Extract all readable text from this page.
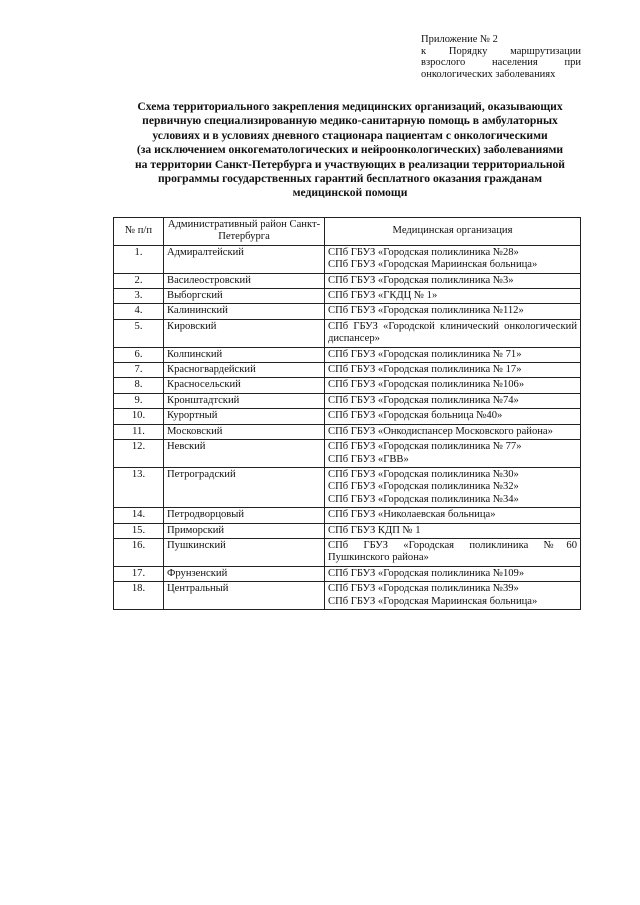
Приложение № 2
к Порядку маршрутизации
взрослого	населения	при
онкологических заболеваниях
Схема территориального закрепления медицинских организаций, оказывающих
первичную специализированную медико-санитарную помощь в амбулаторных
условиях и в условиях дневного стационара пациентам с онкологическими
(за исключением онкогематологических и нейроонкологических) заболеваниями
на территории Санкт-Петербурга и участвующих в реализации территориальной
программы государственных гарантий бесплатного оказания гражданам
медицинской помощи
№ п/п	Административный район Санкт-Петербурга	Медицинская организация
1.	Адмиралтейский	СПб ГБУЗ «Городская поликлиника №28»
СПб ГБУЗ «Городская Мариинская больница»

2.	Василеостровский	СПб ГБУЗ «Городская поликлиника №3»

3.	Выборгский	СПб ГБУЗ «ГКДЦ № 1»

4.	Калининский	СПб ГБУЗ «Городская поликлиника №112»

5.	Кировский	СПб ГБУЗ «Городской клинический онкологический диспансер»

6.	Колпинский	СПб ГБУЗ «Городская поликлиника № 71»

7.	Красногвардейский	СПб ГБУЗ «Городская поликлиника № 17»

8.	Красносельский	СПб ГБУЗ «Городская поликлиника №106»

9.	Кронштадтский	СПб ГБУЗ «Городская поликлиника №74»

10.	Курортный	СПб ГБУЗ «Городская больница №40»

11.	Московский	СПб ГБУЗ «Онкодиспансер Московского района»

12.	Невский	СПб ГБУЗ «Городская поликлиника № 77»
СПб ГБУЗ «ГВВ»

13.	Петроградский	СПб ГБУЗ «Городская поликлиника №30»
СПб ГБУЗ «Городская поликлиника №32»
СПб ГБУЗ «Городская поликлиника №34»

14.	Петродворцовый	СПб ГБУЗ «Николаевская больница»

15.	Приморский	СПб ГБУЗ КДП № 1

16.	Пушкинский	СПб ГБУЗ «Городская поликлиника №60 Пушкинского района»

17.	Фрунзенский	СПб ГБУЗ «Городская поликлиника №109»

18.	Центральный	СПб ГБУЗ «Городская поликлиника №39»
СПб ГБУЗ «Городская Мариинская больница»
